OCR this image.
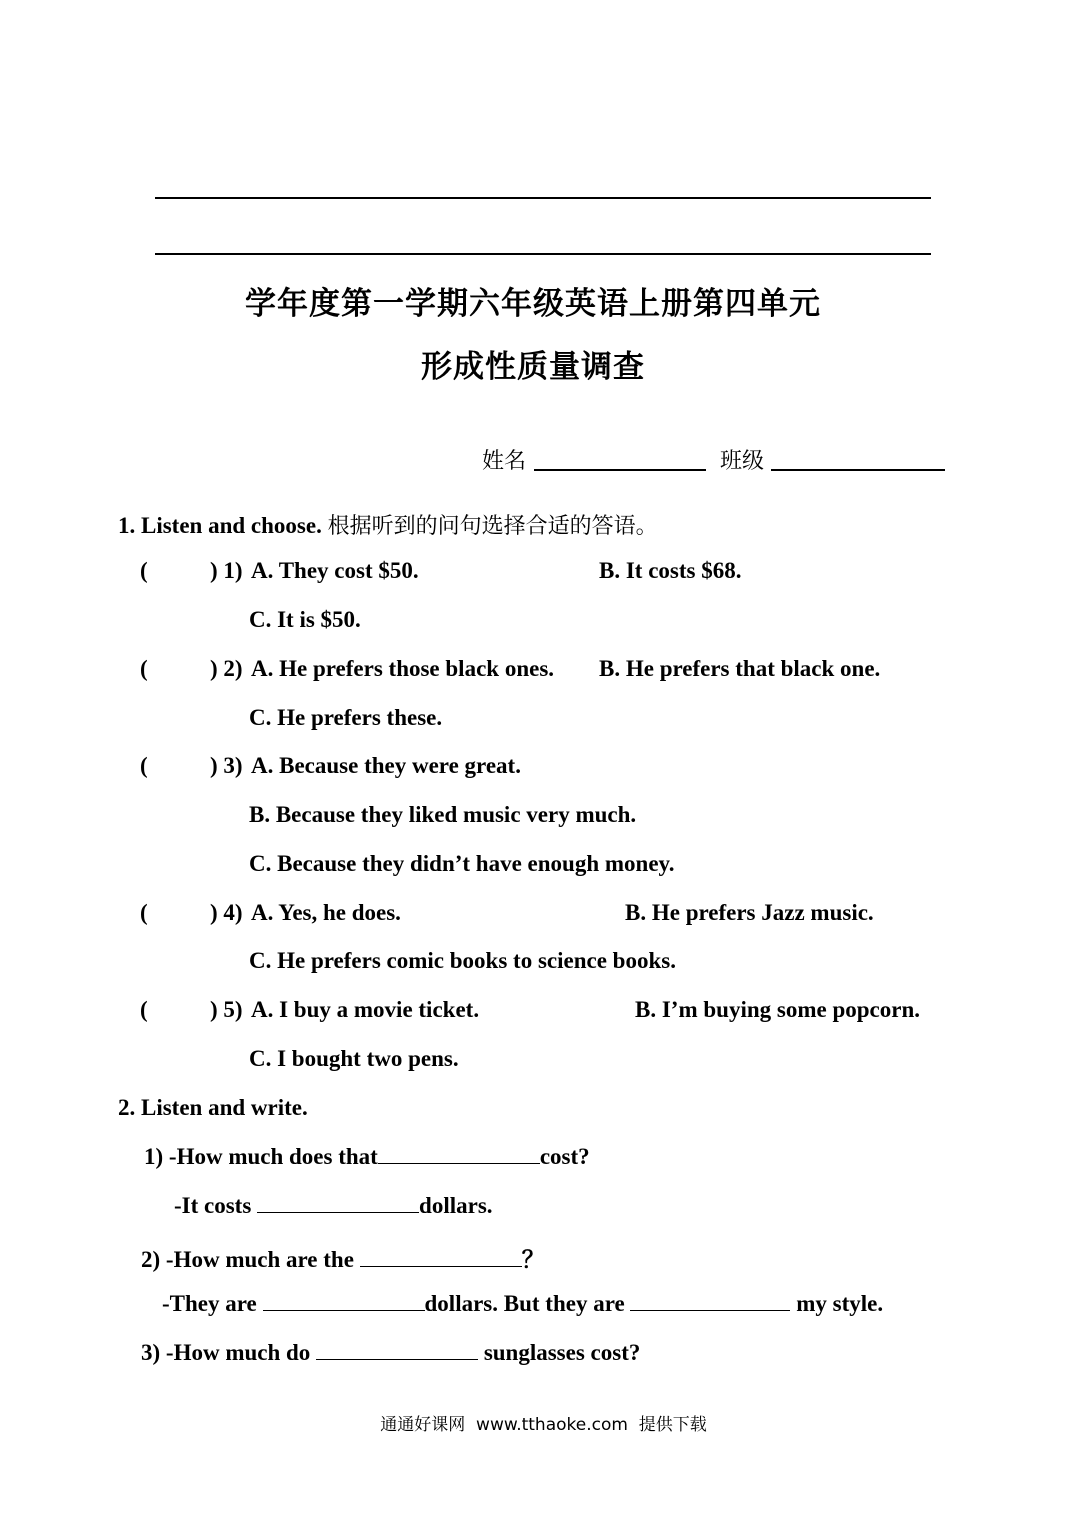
学年度第一学期六年级英语上册第四单元
形成性质量调查
姓名	班级
1. Listen and choose. 根据听到的问句选择合适的答语。
(	) 1) A. They cost $50.	B. It costs $68.
C. It is $50.
(	) 2) A. He prefers those black ones. B. He prefers that black one.
C. He prefers these.
(	) 3) A. Because they were great.
B. Because they liked music very much.
C. Because they didn’t have enough money.
(	) 4) A. Yes, he does.	B. He prefers Jazz music.
C. He prefers comic books to science books.
(	) 5) A. I buy a movie ticket.	B. I’m buying some popcorn.
C. I bought two pens.
2. Listen and write.
1) -How much does that	cost?
-It costs	dollars.
2) -How much are the	？
-They are	dollars. But they are	my style.
3) -How much do	sunglasses cost?
通通好课网  www.tthaoke.com  提供下载
